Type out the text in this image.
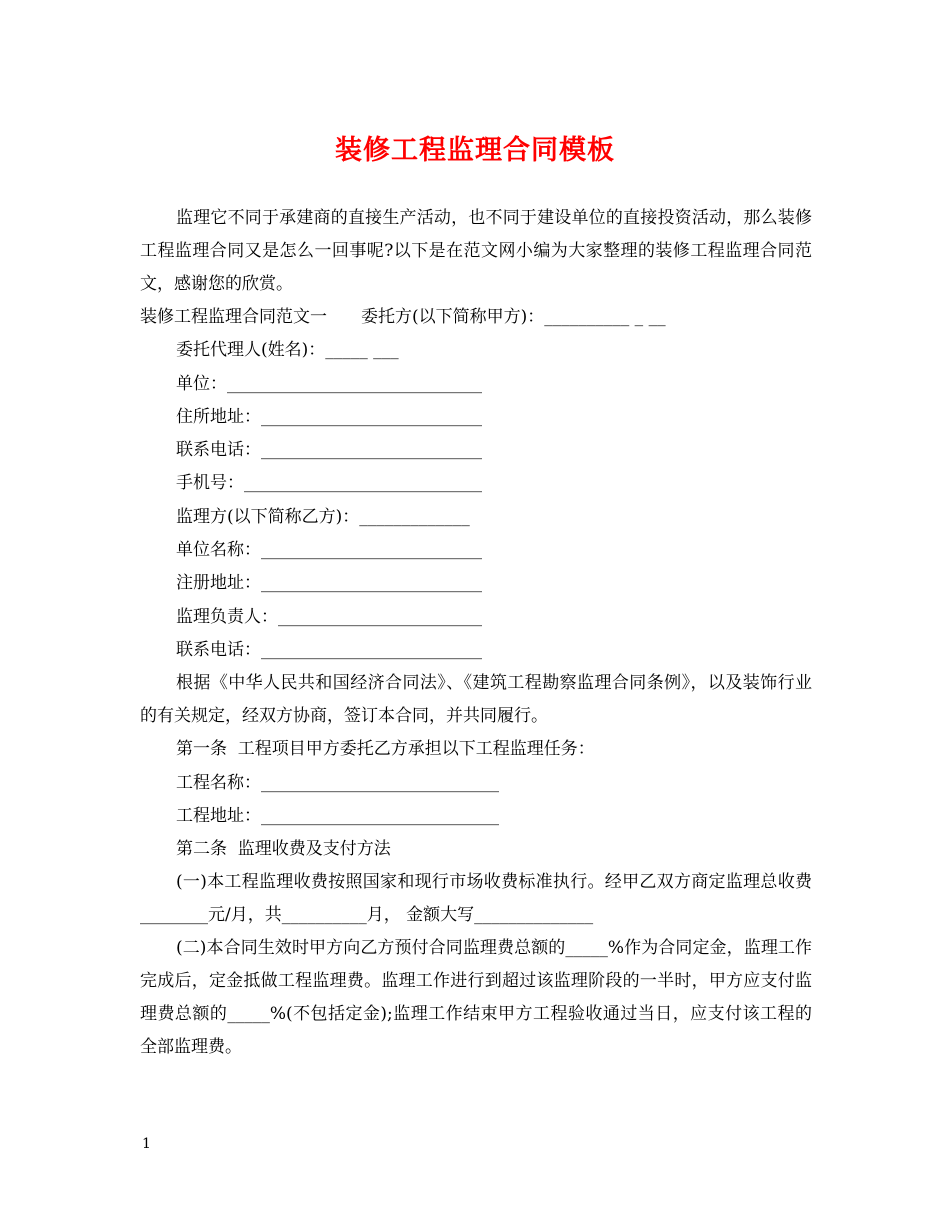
装修工程监理合同模板

监理它不同于承建商的直接生产活动，也不同于建设单位的直接投资活动，那么装修工程监理合同又是怎么一回事呢?以下是在范文网小编为大家整理的装修工程监理合同范文，感谢您的欣赏。

装修工程监理合同范文一　　委托方(以下简称甲方)：__________ _ __

委托代理人(姓名)：_____ ___

单位：______________________________

住所地址：__________________________

联系电话：__________________________

手机号：____________________________

监理方(以下简称乙方)：_____________

单位名称：__________________________

注册地址：__________________________

监理负责人：________________________

联系电话：__________________________

根据《中华人民共和国经济合同法》、《建筑工程勘察监理合同条例》，以及装饰行业的有关规定，经双方协商，签订本合同，并共同履行。

第一条  工程项目甲方委托乙方承担以下工程监理任务：

工程名称：____________________________

工程地址：____________________________

第二条  监理收费及支付方法

(一)本工程监理收费按照国家和现行市场收费标准执行。经甲乙双方商定监理总收费________元/月，共__________月， 金额大写______________

(二)本合同生效时甲方向乙方预付合同监理费总额的_____%作为合同定金，监理工作完成后，定金抵做工程监理费。监理工作进行到超过该监理阶段的一半时，甲方应支付监理费总额的_____%(不包括定金);监理工作结束甲方工程验收通过当日，应支付该工程的全部监理费。

1
